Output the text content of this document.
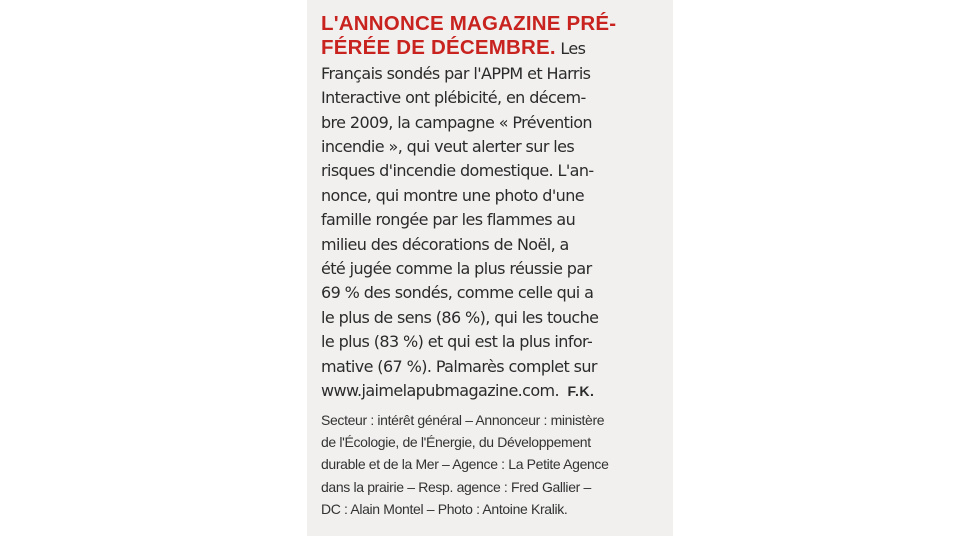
L'ANNONCE MAGAZINE PRÉ-
FÉRÉE DE DÉCEMBRE. Les
Français sondés par l'APPM et Harris
Interactive ont plébicité, en décem-
bre 2009, la campagne « Prévention
incendie », qui veut alerter sur les
risques d'incendie domestique. L'an-
nonce, qui montre une photo d'une
famille rongée par les flammes au
milieu des décorations de Noël, a
été jugée comme la plus réussie par
69 % des sondés, comme celle qui a
le plus de sens (86 %), qui les touche
le plus (83 %) et qui est la plus infor-
mative (67 %). Palmarès complet sur
www.jaimelapubmagazine.com. F.K.
Secteur : intérêt général – Annonceur : ministère
de l'Écologie, de l'Énergie, du Développement
durable et de la Mer – Agence : La Petite Agence
dans la prairie – Resp. agence : Fred Gallier –
DC : Alain Montel – Photo : Antoine Kralik.
